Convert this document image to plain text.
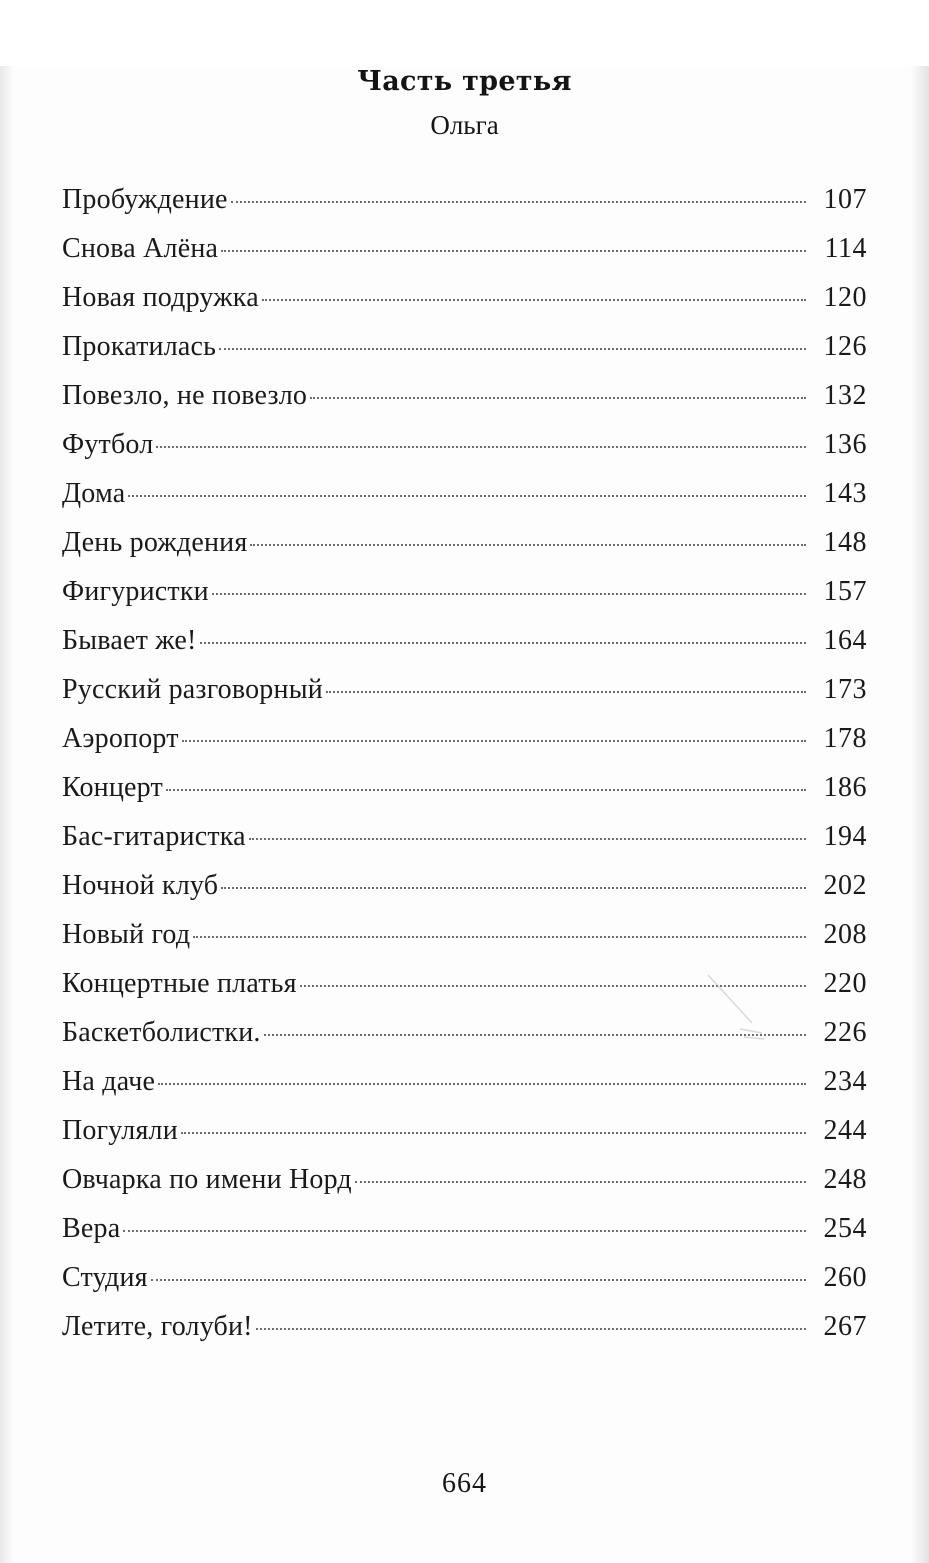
Часть третья
Ольга
Пробуждение	107
Снова Алёна	114
Новая подружка	120
Прокатилась	126
Повезло, не повезло	132
Футбол	136
Дома	143
День рождения	148
Фигуристки	157
Бывает же!	164
Русский разговорный	173
Аэропорт	178
Концерт	186
Бас-гитаристка	194
Ночной клуб	202
Новый год	208
Концертные платья	220
Баскетболистки.	226
На даче	234
Погуляли	244
Овчарка по имени Норд	248
Вера	254
Студия	260
Летите, голуби!	267
664
